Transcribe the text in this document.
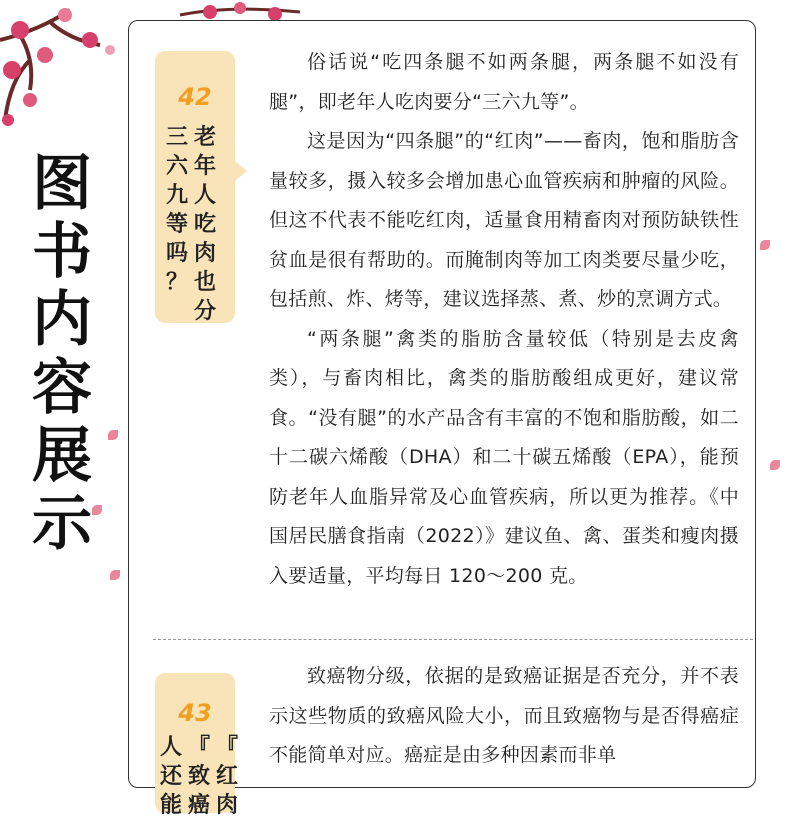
图
书
内
容
展
示
42
老
年
人
吃
肉
也
分
三
六
九
等
吗
？

俗话说“吃四条腿不如两条腿，两条腿不如没有腿”，即老年人吃肉要分“三六九等”。

这是因为“四条腿”的“红肉”——畜肉，饱和脂肪含量较多，摄入较多会增加患心血管疾病和肿瘤的风险。但这不代表不能吃红肉，适量食用精畜肉对预防缺铁性贫血是很有帮助的。而腌制肉等加工肉类要尽量少吃，包括煎、炸、烤等，建议选择蒸、煮、炒的烹调方式。

“两条腿”禽类的脂肪含量较低（特别是去皮禽类），与畜肉相比，禽类的脂肪酸组成更好，建议常食。“没有腿”的水产品含有丰富的不饱和脂肪酸，如二十二碳六烯酸（DHA）和二十碳五烯酸（EPA），能预防老年人血脂异常及心血管疾病，所以更为推荐。《中国居民膳食指南（2022）》建议鱼、禽、蛋类和瘦肉摄入要适量，平均每日 120～200 克。

43
『
红
肉
『
致
癌
人
还
能

致癌物分级，依据的是致癌证据是否充分，并不表示这些物质的致癌风险大小，而且致癌物与是否得癌症不能简单对应。癌症是由多种因素而非单
